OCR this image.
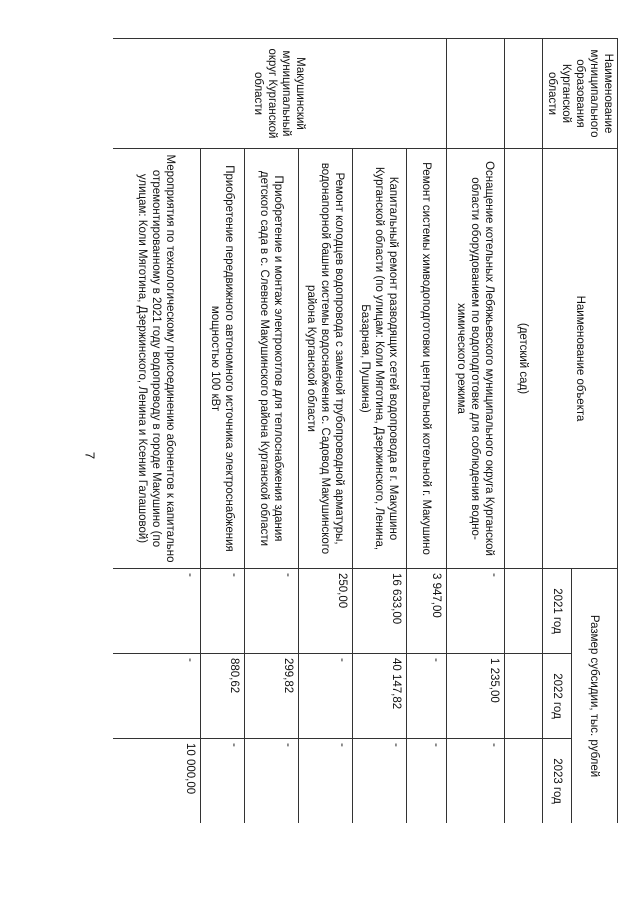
7
Наименование муниципального образования Курганской области	Наименование объекта	Размер субсидии, тыс. рублей		
		2021 год	2022 год	2023 год
	(детский сад)			
	Оснащение котельных Лебяжьевского муниципального округа Курганской области оборудованием по водоподготовке для соблюдения водно-химического режима	-	1 235,00	-
Макушинский муниципальный округ Курганской области	Ремонт системы химводоподготовки центральной котельной г. Макушино	3 947,00	-	-
	Капитальный ремонт разводящих сетей водопровода в г. Макушино Курганской области (по улицам: Коли Мяготина, Дзержинского, Ленина, Базарная, Пушкина)	16 633,00	40 147,82	-
	Ремонт колодцев водопровода с заменой трубопроводной арматуры, водонапорной башни системы водоснабжения с. Садовод Макушинского района Курганской области	250,00	-	-
	Приобретение и монтаж электрокотлов для теплоснабжения здания детского сада в с. Слевное Макушинского района Курганской области	-	299,82	-
	Приобретение передвижного автономного источника электроснабжения мощностью 100 кВт	-	880,62	-
	Мероприятия по технологическому присоединению абонентов к капитально отремонтированному в 2021 году водопроводу в городе Макушино (по улицам: Коли Мяготина, Дзержинского, Ленина и Ксении Галашовой)	-	-	10 000,00
